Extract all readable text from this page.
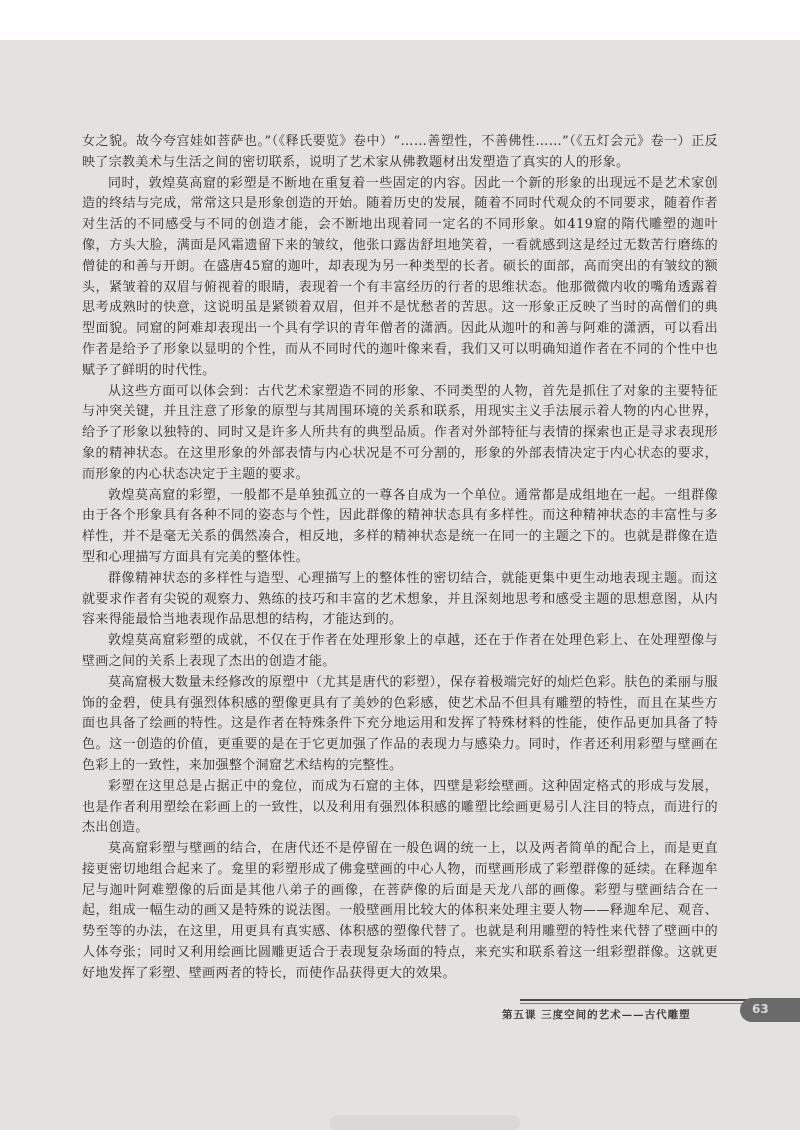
女之貌。故今夸宫娃如菩萨也。”（《释氏要览》卷中）“……善塑性，不善佛性……”（《五灯会元》卷一）正反映了宗教美术与生活之间的密切联系，说明了艺术家从佛教题材出发塑造了真实的人的形象。

同时，敦煌莫高窟的彩塑是不断地在重复着一些固定的内容。因此一个新的形象的出现远不是艺术家创造的终结与完成，常常这只是形象创造的开始。随着历史的发展，随着不同时代观众的不同要求，随着作者对生活的不同感受与不同的创造才能，会不断地出现着同一定名的不同形象。如419窟的隋代雕塑的迦叶像，方头大脸，满面是风霜遗留下来的皱纹，他张口露齿舒坦地笑着，一看就感到这是经过无数苦行磨练的僧徒的和善与开朗。在盛唐45窟的迦叶，却表现为另一种类型的长者。硕长的面部，高而突出的有皱纹的额头，紧皱着的双眉与俯视着的眼睛，表现着一个有丰富经历的行者的思维状态。他那微微内收的嘴角透露着思考成熟时的快意，这说明虽是紧锁着双眉，但并不是忧愁者的苦思。这一形象正反映了当时的高僧们的典型面貌。同窟的阿难却表现出一个具有学识的青年僧者的潇洒。因此从迦叶的和善与阿难的潇洒，可以看出作者是给予了形象以显明的个性，而从不同时代的迦叶像来看，我们又可以明确知道作者在不同的个性中也赋予了鲜明的时代性。

从这些方面可以体会到：古代艺术家塑造不同的形象、不同类型的人物，首先是抓住了对象的主要特征与冲突关键，并且注意了形象的原型与其周围环境的关系和联系，用现实主义手法展示着人物的内心世界，给予了形象以独特的、同时又是许多人所共有的典型品质。作者对外部特征与表情的探索也正是寻求表现形象的精神状态。在这里形象的外部表情与内心状况是不可分割的，形象的外部表情决定于内心状态的要求，而形象的内心状态决定于主题的要求。

敦煌莫高窟的彩塑，一般都不是单独孤立的一尊各自成为一个单位。通常都是成组地在一起。一组群像由于各个形象具有各种不同的姿态与个性，因此群像的精神状态具有多样性。而这种精神状态的丰富性与多样性，并不是毫无关系的偶然凑合，相反地，多样的精神状态是统一在同一的主题之下的。也就是群像在造型和心理描写方面具有完美的整体性。

群像精神状态的多样性与造型、心理描写上的整体性的密切结合，就能更集中更生动地表现主题。而这就要求作者有尖锐的观察力、熟练的技巧和丰富的艺术想象，并且深刻地思考和感受主题的思想意图，从内容来得能最恰当地表现作品思想的结构，才能达到的。

敦煌莫高窟彩塑的成就，不仅在于作者在处理形象上的卓越，还在于作者在处理色彩上、在处理塑像与壁画之间的关系上表现了杰出的创造才能。

莫高窟极大数量未经修改的原塑中（尤其是唐代的彩塑），保存着极端完好的灿烂色彩。肤色的柔丽与服饰的金碧，使具有强烈体积感的塑像更具有了美妙的色彩感，使艺术品不但具有雕塑的特性，而且在某些方面也具备了绘画的特性。这是作者在特殊条件下充分地运用和发挥了特殊材料的性能，使作品更加具备了特色。这一创造的价值，更重要的是在于它更加强了作品的表现力与感染力。同时，作者还利用彩塑与壁画在色彩上的一致性，来加强整个洞窟艺术结构的完整性。

彩塑在这里总是占据正中的龛位，而成为石窟的主体，四壁是彩绘壁画。这种固定格式的形成与发展，也是作者利用塑绘在彩画上的一致性，以及利用有强烈体积感的雕塑比绘画更易引人注目的特点，而进行的杰出创造。

莫高窟彩塑与壁画的结合，在唐代还不是停留在一般色调的统一上，以及两者简单的配合上，而是更直接更密切地组合起来了。龛里的彩塑形成了佛龛壁画的中心人物，而壁画形成了彩塑群像的延续。在释迦牟尼与迦叶阿难塑像的后面是其他八弟子的画像，在菩萨像的后面是天龙八部的画像。彩塑与壁画结合在一起，组成一幅生动的画又是特殊的说法图。一般壁画用比较大的体积来处理主要人物——释迦牟尼、观音、势至等的办法，在这里，用更具有真实感、体积感的塑像代替了。也就是利用雕塑的特性来代替了壁画中的人体夸张；同时又利用绘画比圆雕更适合于表现复杂场面的特点，来充实和联系着这一组彩塑群像。这就更好地发挥了彩塑、壁画两者的特长，而使作品获得更大的效果。

第五课 三度空间的艺术——古代雕塑	63
